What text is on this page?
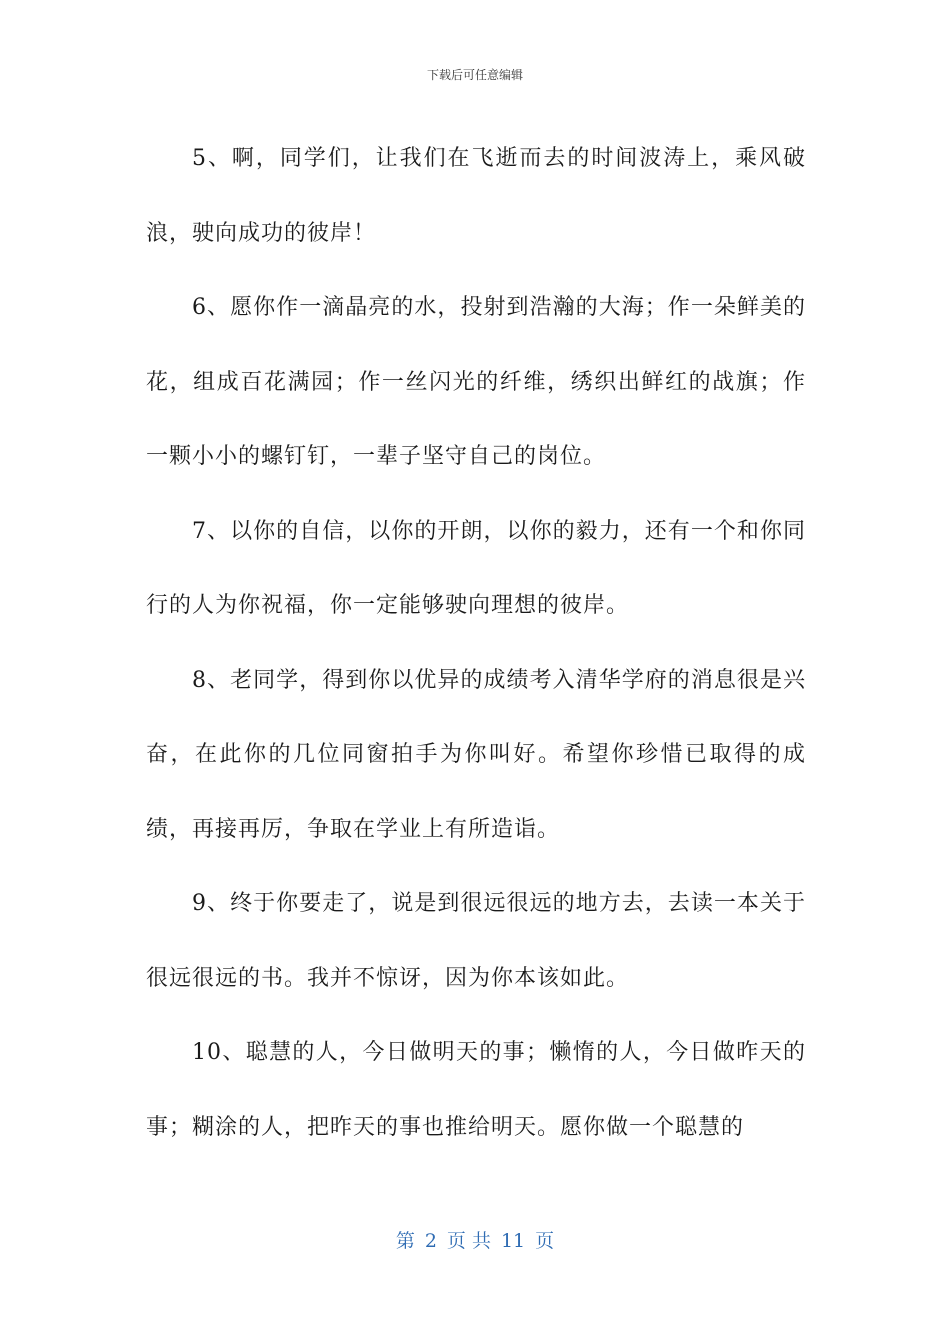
下载后可任意编辑

5、啊，同学们，让我们在飞逝而去的时间波涛上，乘风破浪，驶向成功的彼岸！

6、愿你作一滴晶亮的水，投射到浩瀚的大海；作一朵鲜美的花，组成百花满园；作一丝闪光的纤维，绣织出鲜红的战旗；作一颗小小的螺钉钉，一辈子坚守自己的岗位。

7、以你的自信，以你的开朗，以你的毅力，还有一个和你同行的人为你祝福，你一定能够驶向理想的彼岸。

8、老同学，得到你以优异的成绩考入清华学府的消息很是兴奋，在此你的几位同窗拍手为你叫好。希望你珍惜已取得的成绩，再接再厉，争取在学业上有所造诣。

9、终于你要走了，说是到很远很远的地方去，去读一本关于很远很远的书。我并不惊讶，因为你本该如此。

10、聪慧的人，今日做明天的事；懒惰的人，今日做昨天的事；糊涂的人，把昨天的事也推给明天。愿你做一个聪慧的

第 2 页 共 11 页
